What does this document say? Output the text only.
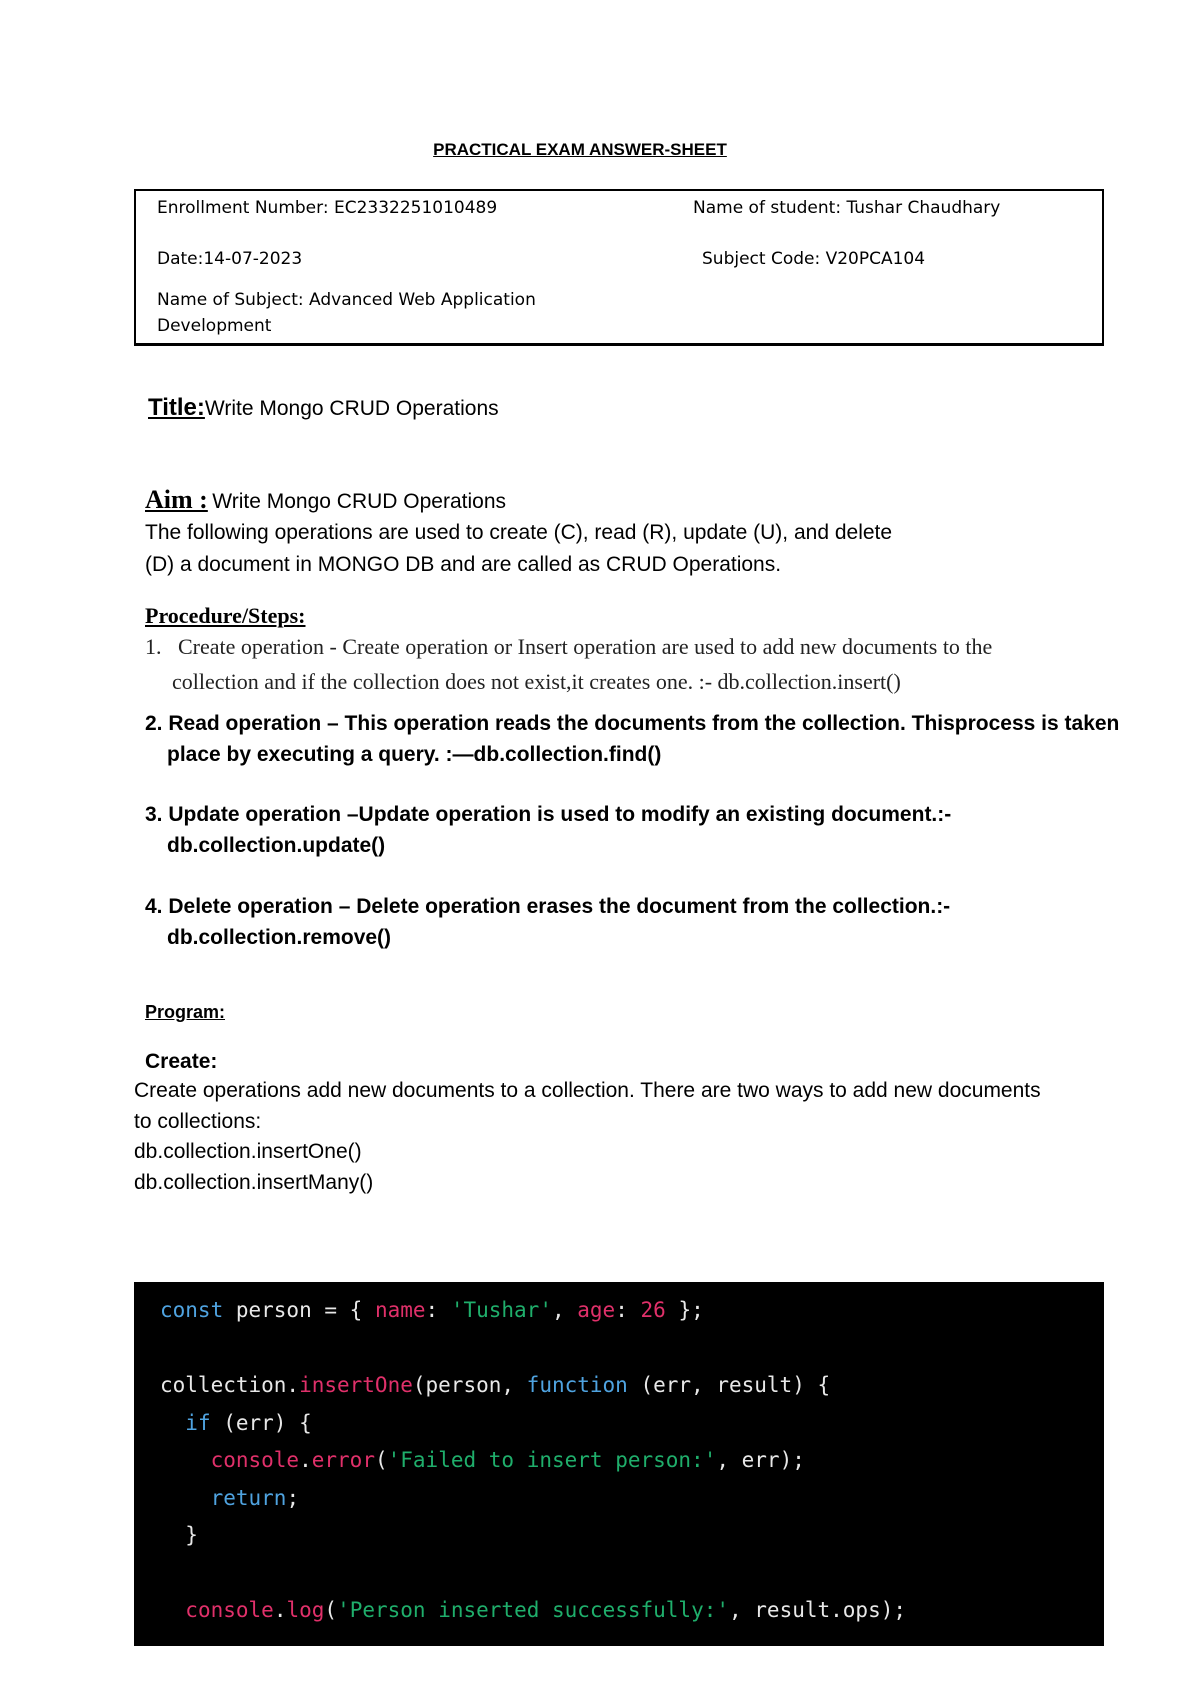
PRACTICAL EXAM ANSWER-SHEET
Enrollment Number: EC2332251010489	Name of student: Tushar Chaudhary
Date:14-07-2023	Subject Code: V20PCA104
Name of Subject: Advanced Web Application
Development
Title:Write Mongo CRUD Operations
Aim : Write Mongo CRUD Operations
The following operations are used to create (C), read (R), update (U), and delete
(D) a document in MONGO DB and are called as CRUD Operations.
Procedure/Steps:
1. Create operation - Create operation or Insert operation are used to add new documents to the
collection and if the collection does not exist,it creates one. :- db.collection.insert()
2. Read operation – This operation reads the documents from the collection. Thisprocess is taken
place by executing a query. :—db.collection.find()
3. Update operation –Update operation is used to modify an existing document.:-
db.collection.update()
4. Delete operation – Delete operation erases the document from the collection.:-
db.collection.remove()
Program:
Create:
Create operations add new documents to a collection. There are two ways to add new documents
to collections:
db.collection.insertOne()
db.collection.insertMany()
const person = { name: 'Tushar', age: 26 };

collection.insertOne(person, function (err, result) {
if (err) {
console.error('Failed to insert person:', err);
return;
}

console.log('Person inserted successfully:', result.ops);
